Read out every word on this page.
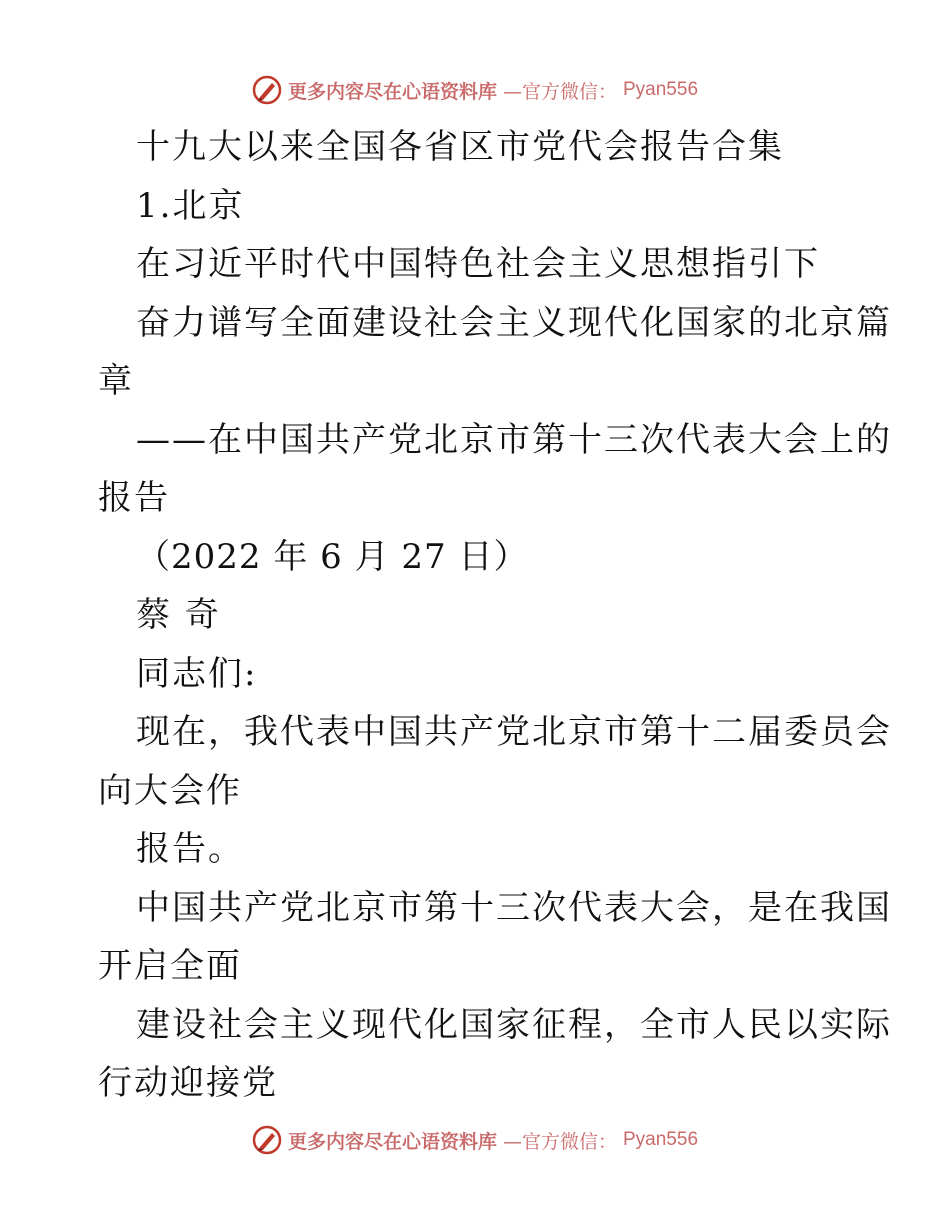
更多内容尽在心语资料库 —官方微信： Pyan556
十九大以来全国各省区市党代会报告合集
1.北京
在习近平时代中国特色社会主义思想指引下
奋力谱写全面建设社会主义现代化国家的北京篇
章
——在中国共产党北京市第十三次代表大会上的
报告
（2022 年 6 月 27 日）
蔡 奇
同志们:
现在，我代表中国共产党北京市第十二届委员会
向大会作
报告。
中国共产党北京市第十三次代表大会，是在我国
开启全面
建设社会主义现代化国家征程，全市人民以实际
行动迎接党
更多内容尽在心语资料库 —官方微信： Pyan556
